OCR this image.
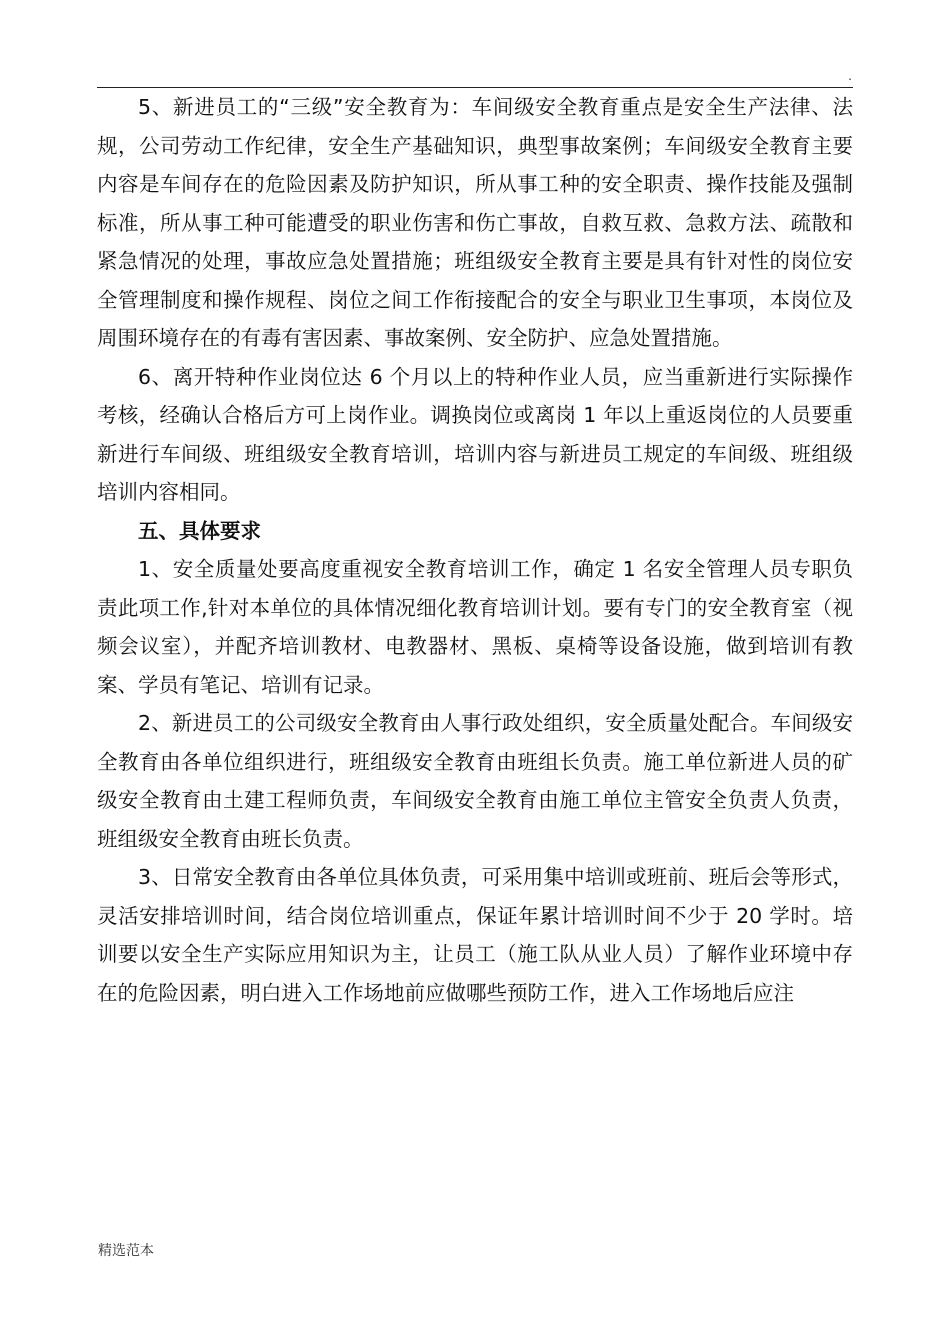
.

5、新进员工的“三级”安全教育为：车间级安全教育重点是安全生产法律、法规，公司劳动工作纪律，安全生产基础知识，典型事故案例；车间级安全教育主要内容是车间存在的危险因素及防护知识，所从事工种的安全职责、操作技能及强制标准，所从事工种可能遭受的职业伤害和伤亡事故，自救互救、急救方法、疏散和紧急情况的处理，事故应急处置措施；班组级安全教育主要是具有针对性的岗位安全管理制度和操作规程、岗位之间工作衔接配合的安全与职业卫生事项，本岗位及周围环境存在的有毒有害因素、事故案例、安全防护、应急处置措施。

6、离开特种作业岗位达 6 个月以上的特种作业人员，应当重新进行实际操作考核，经确认合格后方可上岗作业。调换岗位或离岗 1 年以上重返岗位的人员要重新进行车间级、班组级安全教育培训，培训内容与新进员工规定的车间级、班组级培训内容相同。

五、具体要求

1、安全质量处要高度重视安全教育培训工作，确定 1 名安全管理人员专职负责此项工作,针对本单位的具体情况细化教育培训计划。要有专门的安全教育室（视频会议室），并配齐培训教材、电教器材、黑板、桌椅等设备设施，做到培训有教案、学员有笔记、培训有记录。

2、新进员工的公司级安全教育由人事行政处组织，安全质量处配合。车间级安全教育由各单位组织进行，班组级安全教育由班组长负责。施工单位新进人员的矿级安全教育由土建工程师负责，车间级安全教育由施工单位主管安全负责人负责，班组级安全教育由班长负责。

3、日常安全教育由各单位具体负责，可采用集中培训或班前、班后会等形式，灵活安排培训时间，结合岗位培训重点，保证年累计培训时间不少于 20 学时。培训要以安全生产实际应用知识为主，让员工（施工队从业人员）了解作业环境中存在的危险因素，明白进入工作场地前应做哪些预防工作，进入工作场地后应注

精选范本
